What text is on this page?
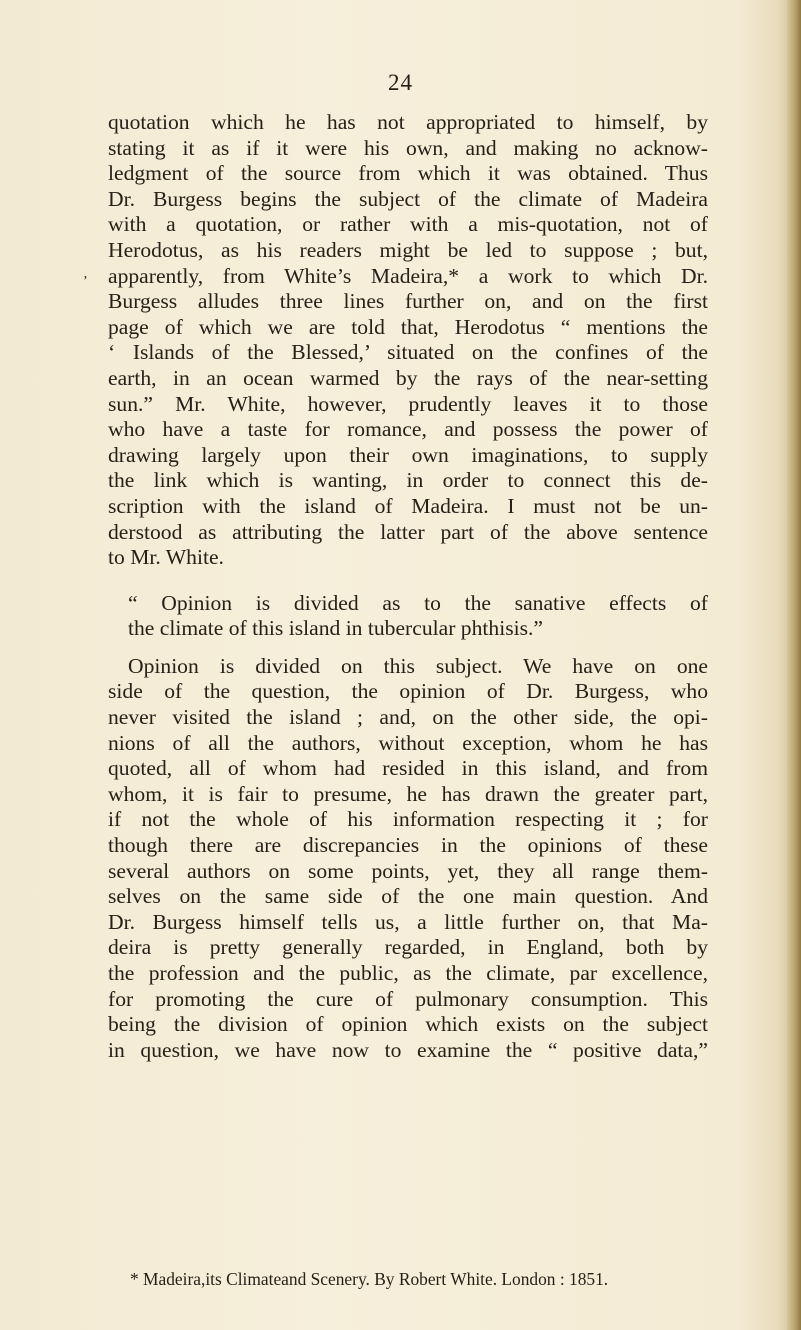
ʼ
24
quotation which he has not appropriated to himself, by
stating it as if it were his own, and making no acknow-
ledgment of the source from which it was obtained. Thus
Dr. Burgess begins the subject of the climate of Madeira
with a quotation, or rather with a mis-quotation, not of
Herodotus, as his readers might be led to suppose ; but,
apparently, from White’s Madeira,* a work to which Dr.
Burgess alludes three lines further on, and on the first
page of which we are told that, Herodotus “ mentions the
‘ Islands of the Blessed,’ situated on the confines of the
earth, in an ocean warmed by the rays of the near-setting
sun.” Mr. White, however, prudently leaves it to those
who have a taste for romance, and possess the power of
drawing largely upon their own imaginations, to supply
the link which is wanting, in order to connect this de-
scription with the island of Madeira. I must not be un-
derstood as attributing the latter part of the above sentence
to Mr. White.
“ Opinion is divided as to the sanative effects of
the climate of this island in tubercular phthisis.”
Opinion is divided on this subject. We have on one
side of the question, the opinion of Dr. Burgess, who
never visited the island ; and, on the other side, the opi-
nions of all the authors, without exception, whom he has
quoted, all of whom had resided in this island, and from
whom, it is fair to presume, he has drawn the greater part,
if not the whole of his information respecting it ; for
though there are discrepancies in the opinions of these
several authors on some points, yet, they all range them-
selves on the same side of the one main question. And
Dr. Burgess himself tells us, a little further on, that Ma-
deira is pretty generally regarded, in England, both by
the profession and the public, as the climate, par excellence,
for promoting the cure of pulmonary consumption. This
being the division of opinion which exists on the subject
in question, we have now to examine the “ positive data,”
* Madeira,its Climateand Scenery. By Robert White. London : 1851.
